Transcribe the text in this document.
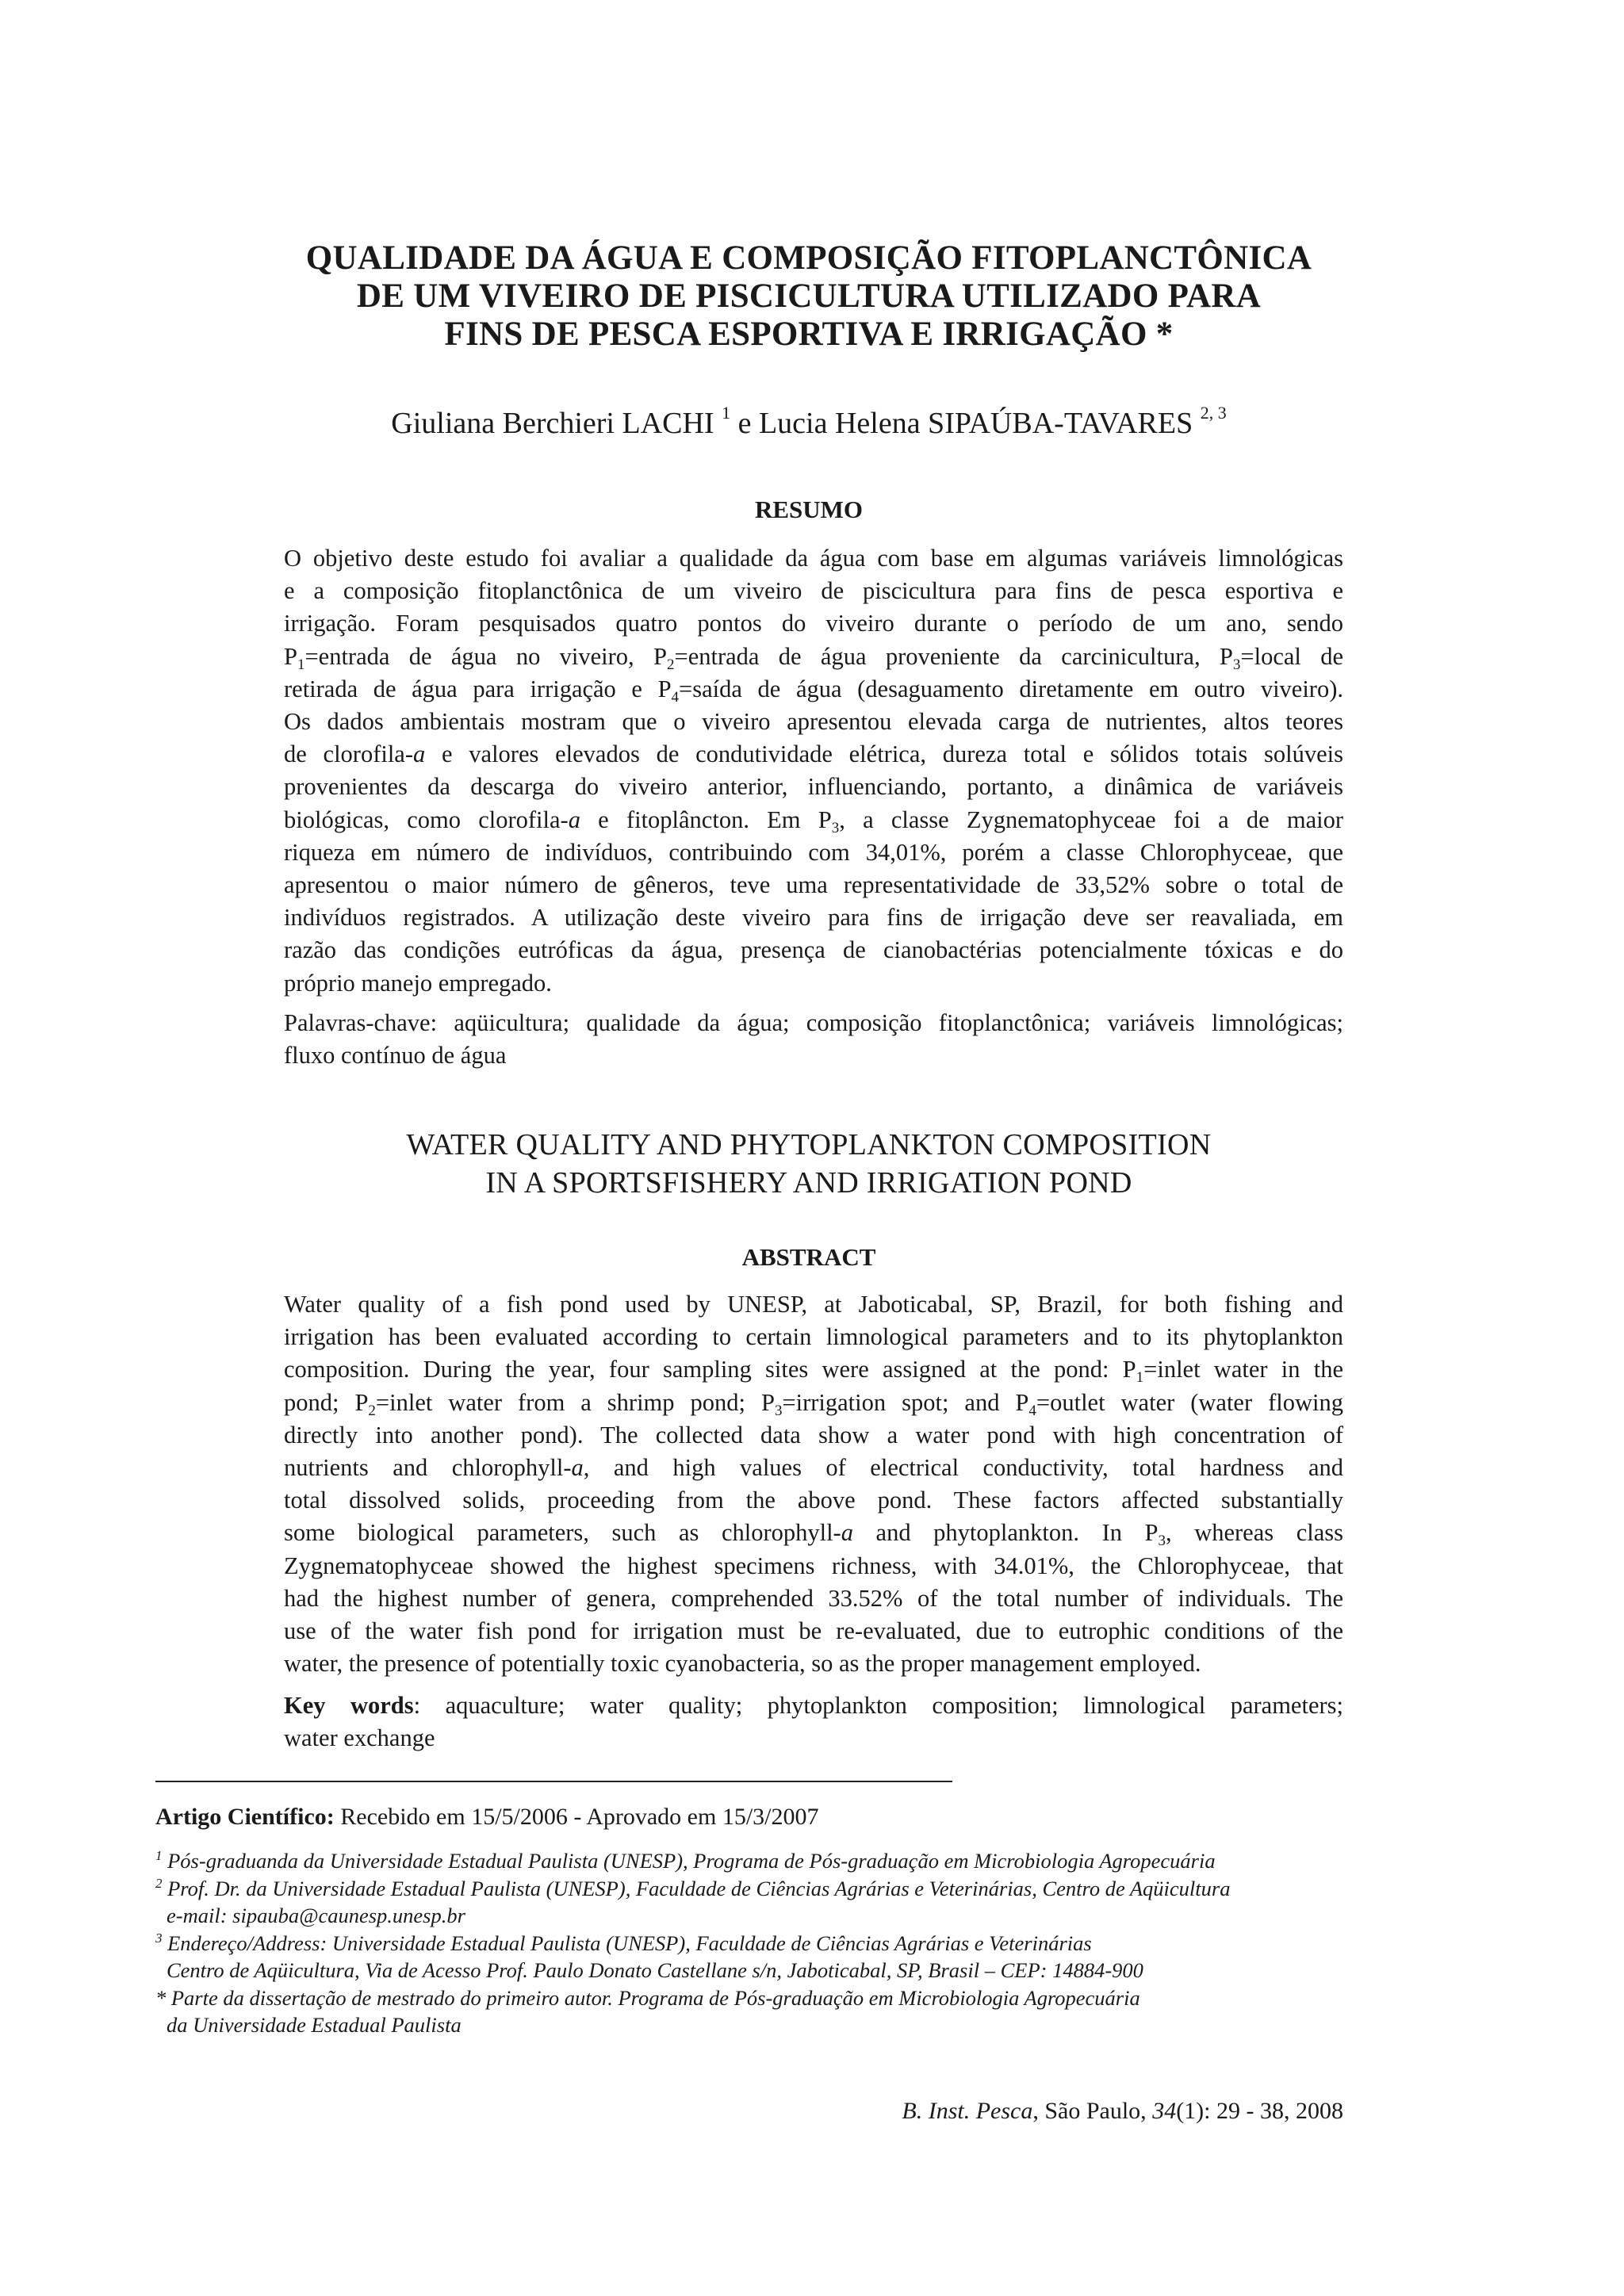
QUALIDADE DA ÁGUA E COMPOSIÇÃO FITOPLANCTÔNICA
DE UM VIVEIRO DE PISCICULTURA UTILIZADO PARA
FINS DE PESCA ESPORTIVA E IRRIGAÇÃO *
Giuliana Berchieri LACHI $^1$ e Lucia Helena SIPAÚBA-TAVARES $^{2, 3}$
RESUMO
O objetivo deste estudo foi avaliar a qualidade da água com base em algumas variáveis limnológicas
e a composição fitoplanctônica de um viveiro de piscicultura para fins de pesca esportiva e
irrigação. Foram pesquisados quatro pontos do viveiro durante o período de um ano, sendo
$P_1=entrada$ de água no viveiro, $P_2=entrada$ de água proveniente da carcinicultura, $P_3=local$ de
retirada de água para irrigação e $P_4=saída$ de água (desaguamento diretamente em outro viveiro).
Os dados ambientais mostram que o viveiro apresentou elevada carga de nutrientes, altos teores
de clorofila-a e valores elevados de condutividade elétrica, dureza total e sólidos totais solúveis
provenientes da descarga do viveiro anterior, influenciando, portanto, a dinâmica de variáveis
biológicas, como clorofila-a e fitoplâncton. Em $P_3$, a classe Zygnematophyceae foi a de maior
riqueza em número de indivíduos, contribuindo com 34,01%, porém a classe Chlorophyceae, que
apresentou o maior número de gêneros, teve uma representatividade de 33,52% sobre o total de
indivíduos registrados. A utilização deste viveiro para fins de irrigação deve ser reavaliada, em
razão das condições eutróficas da água, presença de cianobactérias potencialmente tóxicas e do
próprio manejo empregado.
Palavras-chave: aqüicultura; qualidade da água; composição fitoplanctônica; variáveis limnológicas;
fluxo contínuo de água
WATER QUALITY AND PHYTOPLANKTON COMPOSITION
IN A SPORTSFISHERY AND IRRIGATION POND
ABSTRACT
Water quality of a fish pond used by UNESP, at Jaboticabal, SP, Brazil, for both fishing and
irrigation has been evaluated according to certain limnological parameters and to its phytoplankton
composition. During the year, four sampling sites were assigned at the pond: $P_1=inlet$ water in the
pond; $P_2=inlet$ water from a shrimp pond; $P_3=irrigation$ spot; and $P_4=outlet$ water (water flowing
directly into another pond). The collected data show a water pond with high concentration of
nutrients and chlorophyll-a, and high values of electrical conductivity, total hardness and
total dissolved solids, proceeding from the above pond. These factors affected substantially
some biological parameters, such as chlorophyll-a and phytoplankton. In $P_3$, whereas class
Zygnematophyceae showed the highest specimens richness, with 34.01%, the Chlorophyceae, that
had the highest number of genera, comprehended 33.52% of the total number of individuals. The
use of the water fish pond for irrigation must be re-evaluated, due to eutrophic conditions of the
water, the presence of potentially toxic cyanobacteria, so as the proper management employed.
Key words: aquaculture; water quality; phytoplankton composition; limnological parameters;
water exchange
Artigo Científico: Recebido em 15/5/2006 - Aprovado em 15/3/2007

$^1$ Pós-graduanda da Universidade Estadual Paulista (UNESP), Programa de Pós-graduação em Microbiologia Agropecuária

$^2$ Prof. Dr. da Universidade Estadual Paulista (UNESP), Faculdade de Ciências Agrárias e Veterinárias, Centro de Aqüicultura

e-mail: sipauba@caunesp.unesp.br

$^3$ Endereço/Address: Universidade Estadual Paulista (UNESP), Faculdade de Ciências Agrárias e Veterinárias

Centro de Aqüicultura, Via de Acesso Prof. Paulo Donato Castellane s/n, Jaboticabal, SP, Brasil – CEP: 14884-900

* Parte da dissertação de mestrado do primeiro autor. Programa de Pós-graduação em Microbiologia Agropecuária

da Universidade Estadual Paulista

B. Inst. Pesca, São Paulo, 34(1): 29 - 38, 2008
